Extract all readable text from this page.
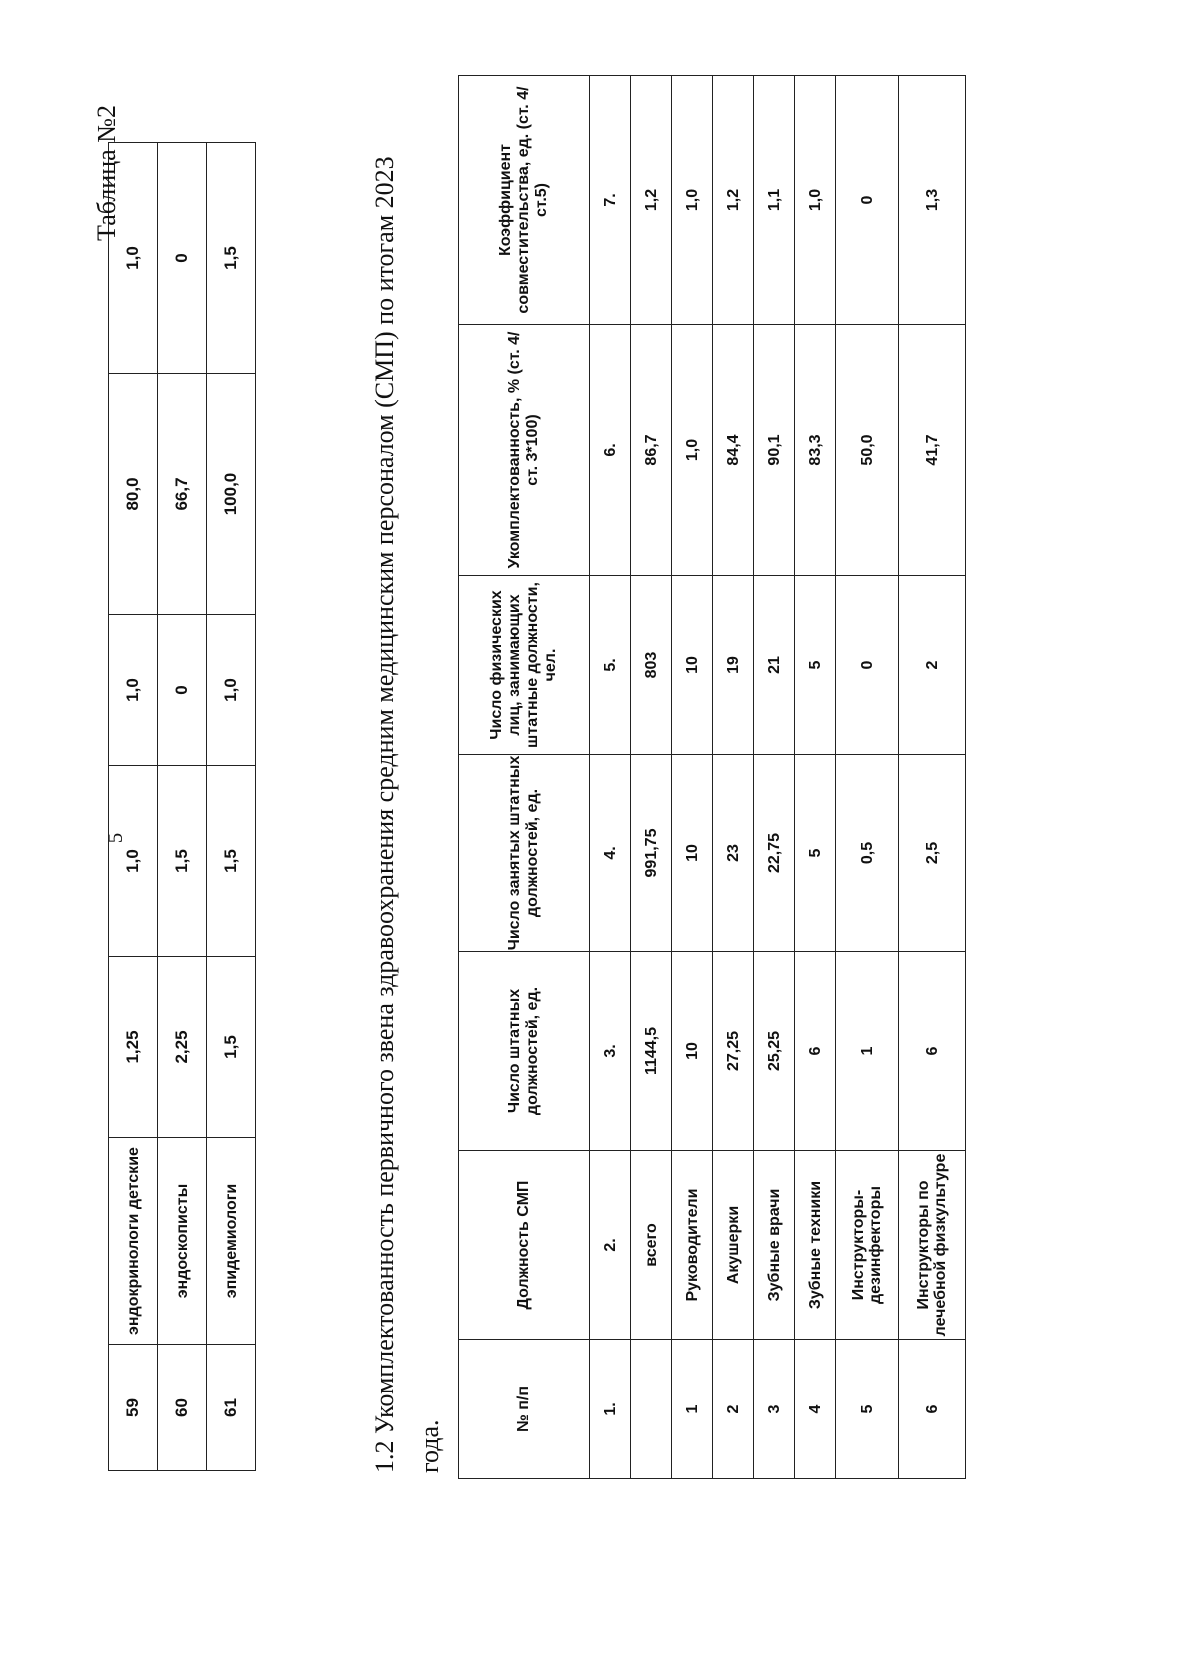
5
59	эндокринологи детские	1,25	1,0	1,0	80,0	1,0
60	эндоскописты	2,25	1,5	0	66,7	0
61	эпидемиологи	1,5	1,5	1,0	100,0	1,5
Таблица №2	1.2 Укомплектованность первичного звена здравоохранения средним медицинским персоналом (СМП) по итогам 2023 года.
№ п/п	Должность СМП	Число штатных должностей, ед.	Число занятых штатных должностей, ед.	Число физических лиц, занимающих штатные должности, чел.	Укомплектованность, % (ст. 4/ст. 3*100)	Коэффициент совместительства, ед. (ст. 4/ст.5)
1.	2.	3.	4.	5.	6.	7.
	всего	1144,5	991,75	803	86,7	1,2
1	Руководители	10	10	10	1,0	1,0
2	Акушерки	27,25	23	19	84,4	1,2
3	Зубные врачи	25,25	22,75	21	90,1	1,1
4	Зубные техники	6	5	5	83,3	1,0
5	Инструкторы-дезинфекторы	1	0,5	0	50,0	0
6	Инструкторы по лечебной физкультуре	6	2,5	2	41,7	1,3
